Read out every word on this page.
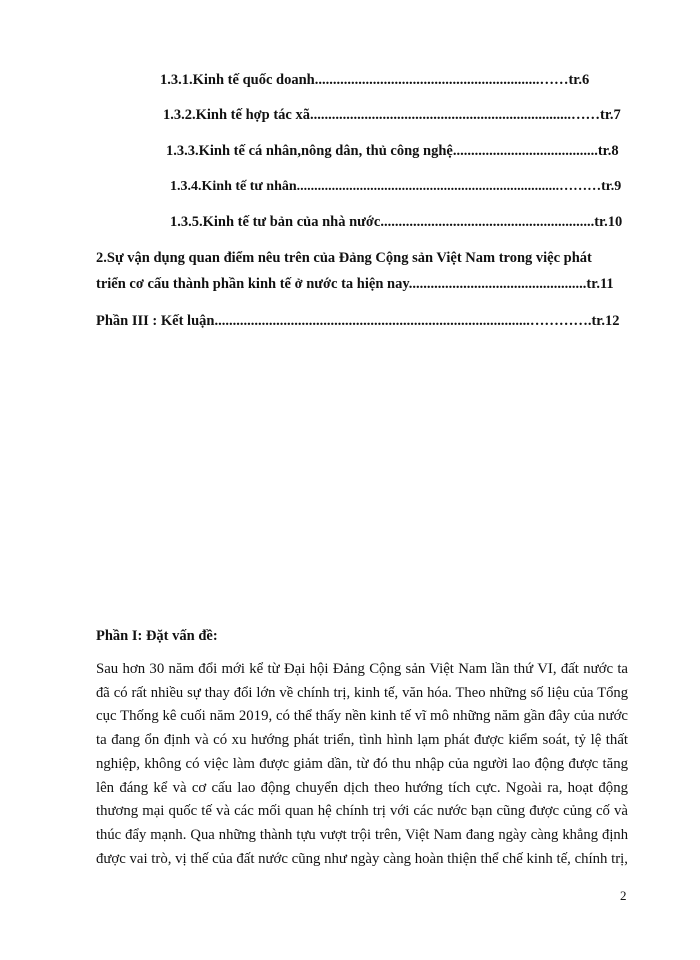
1.3.1.Kinh tế quốc doanh..............................................................……tr.6
1.3.2.Kinh tế hợp tác xã........................................................................……tr.7
1.3.3.Kinh tế cá nhân,nông dân, thủ công nghệ........................................tr.8
1.3.4.Kinh tế tư nhân...........................................................................………tr.9
1.3.5.Kinh tế tư bản của nhà nước...........................................................tr.10
2.Sự vận dụng quan điểm nêu trên của Đảng Cộng sản Việt Nam trong việc phát
triển cơ cấu thành phần kinh tế ở nước ta hiện nay.................................................tr.11
Phần III : Kết luận.......................................................................................………….tr.12
Phần I: Đặt vấn đề:
Sau hơn 30 năm đổi mới kể từ Đại hội Đảng Cộng sản Việt Nam lần thứ VI, đất nước ta
đã có rất nhiều sự thay đổi lớn về chính trị, kinh tế, văn hóa. Theo những số liệu của Tổng
cục Thống kê cuối năm 2019, có thể thấy nền kinh tế vĩ mô những năm gần đây của nước
ta đang ổn định và có xu hướng phát triển, tình hình lạm phát được kiểm soát, tỷ lệ thất
nghiệp, không có việc làm được giảm dần, từ đó thu nhập của người lao động được tăng
lên đáng kể và cơ cấu lao động chuyển dịch theo hướng tích cực. Ngoài ra, hoạt động
thương mại quốc tế và các mối quan hệ chính trị với các nước bạn cũng được củng cố và
thúc đẩy mạnh. Qua những thành tựu vượt trội trên, Việt Nam đang ngày càng khẳng định
được vai trò, vị thế của đất nước cũng như ngày càng hoàn thiện thể chế kinh tế, chính trị,
2
